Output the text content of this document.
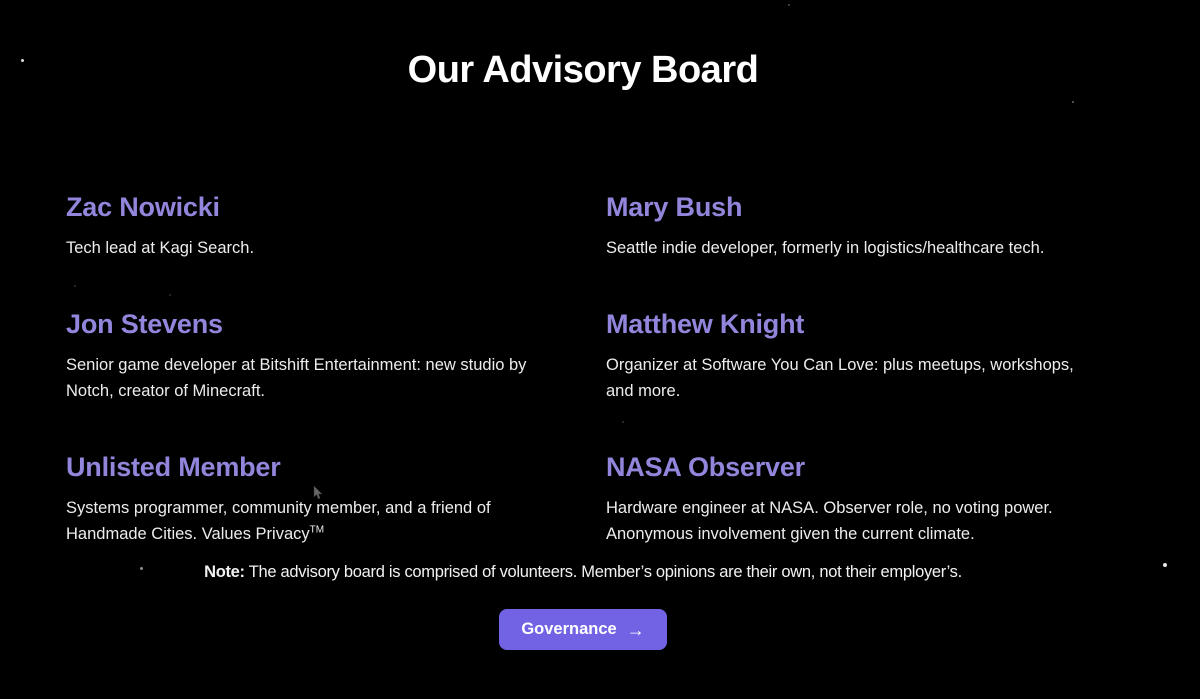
Our Advisory Board
Zac Nowicki

Tech lead at Kagi Search.

Mary Bush

Seattle indie developer, formerly in logistics/healthcare tech.

Jon Stevens

Senior game developer at Bitshift Entertainment: new studio by Notch, creator of Minecraft.

Matthew Knight

Organizer at Software You Can Love: plus meetups, workshops, and more.

Unlisted Member

Systems programmer, community member, and a friend of Handmade Cities. Values Privacy™

NASA Observer

Hardware engineer at NASA. Observer role, no voting power. Anonymous involvement given the current climate.

Note: The advisory board is comprised of volunteers. Member’s opinions are their own, not their employer’s.
Governance →
